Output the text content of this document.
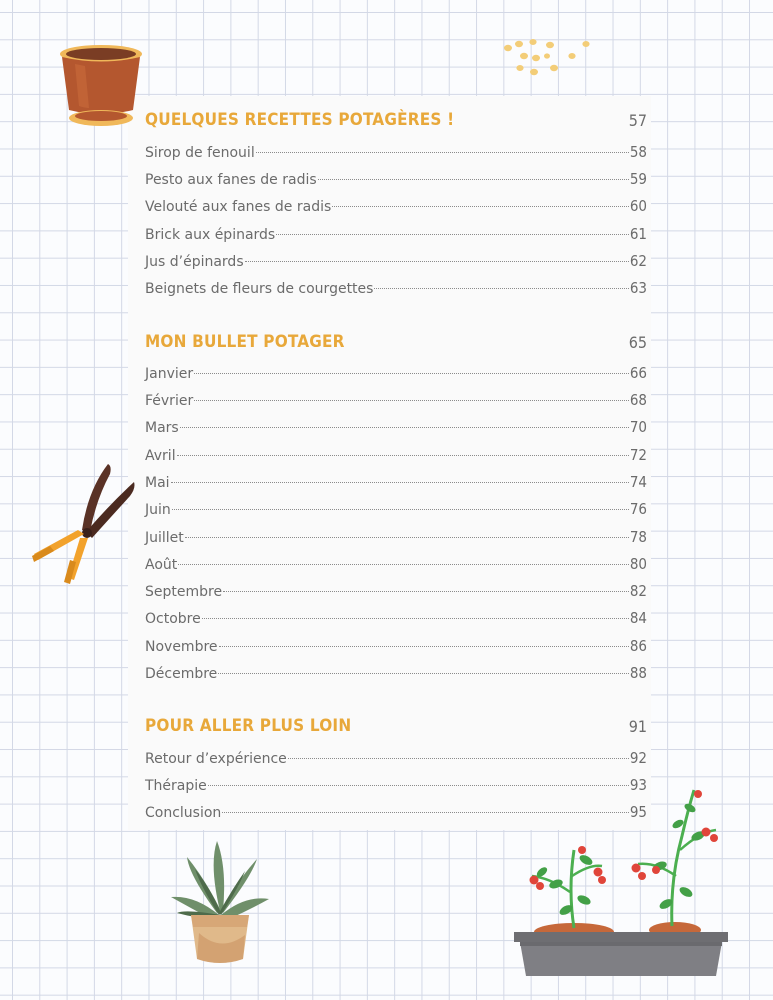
QUELQUES RECETTES POTAGÈRES !	57
Sirop de fenouil	58
Pesto aux fanes de radis	59
Velouté aux fanes de radis	60
Brick aux épinards	61
Jus d’épinards	62
Beignets de fleurs de courgettes	63
MON BULLET POTAGER	65
Janvier	66
Février	68
Mars	70
Avril	72
Mai	74
Juin	76
Juillet	78
Août	80
Septembre	82
Octobre	84
Novembre	86
Décembre	88
POUR ALLER PLUS LOIN	91
Retour d’expérience	92
Thérapie	93
Conclusion	95
